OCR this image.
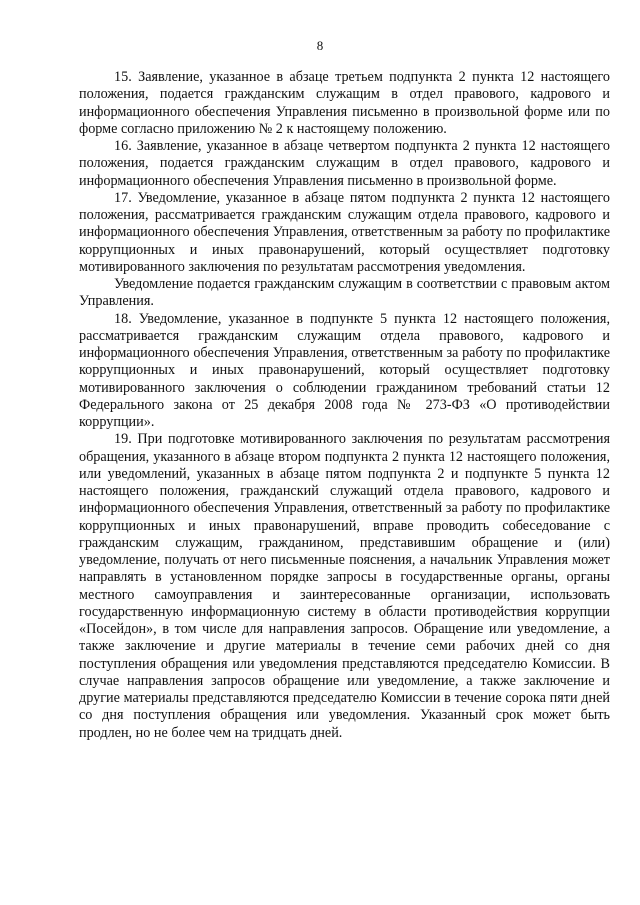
8

15. Заявление, указанное в абзаце третьем подпункта 2 пункта 12 настоящего положения, подается гражданским служащим в отдел правового, кадрового и информационного обеспечения Управления письменно в произвольной форме или по форме согласно приложению № 2 к настоящему положению.

16. Заявление, указанное в абзаце четвертом подпункта 2 пункта 12 настоящего положения, подается гражданским служащим в отдел правового, кадрового и информационного обеспечения Управления письменно в произвольной форме.

17. Уведомление, указанное в абзаце пятом подпункта 2 пункта 12 настоящего положения, рассматривается гражданским служащим отдела правового, кадрового и информационного обеспечения Управления, ответственным за работу по профилактике коррупционных и иных правонарушений, который осуществляет подготовку мотивированного заключения по результатам рассмотрения уведомления.

Уведомление подается гражданским служащим в соответствии с правовым актом Управления.

18. Уведомление, указанное в подпункте 5 пункта 12 настоящего положения, рассматривается гражданским служащим отдела правового, кадрового и информационного обеспечения Управления, ответственным за работу по профилактике коррупционных и иных правонарушений, который осуществляет подготовку мотивированного заключения о соблюдении гражданином требований статьи 12 Федерального закона от 25 декабря 2008 года № 273-ФЗ «О противодействии коррупции».

19. При подготовке мотивированного заключения по результатам рассмотрения обращения, указанного в абзаце втором подпункта 2 пункта 12 настоящего положения, или уведомлений, указанных в абзаце пятом подпункта 2 и подпункте 5 пункта 12 настоящего положения, гражданский служащий отдела правового, кадрового и информационного обеспечения Управления, ответственный за работу по профилактике коррупционных и иных правонарушений, вправе проводить собеседование с гражданским служащим, гражданином, представившим обращение и (или) уведомление, получать от него письменные пояснения, а начальник Управления может направлять в установленном порядке запросы в государственные органы, органы местного самоуправления и заинтересованные организации, использовать государственную информационную систему в области противодействия коррупции «Посейдон», в том числе для направления запросов. Обращение или уведомление, а также заключение и другие материалы в течение семи рабочих дней со дня поступления обращения или уведомления представляются председателю Комиссии. В случае направления запросов обращение или уведомление, а также заключение и другие материалы представляются председателю Комиссии в течение сорока пяти дней со дня поступления обращения или уведомления. Указанный срок может быть продлен, но не более чем на тридцать дней.
